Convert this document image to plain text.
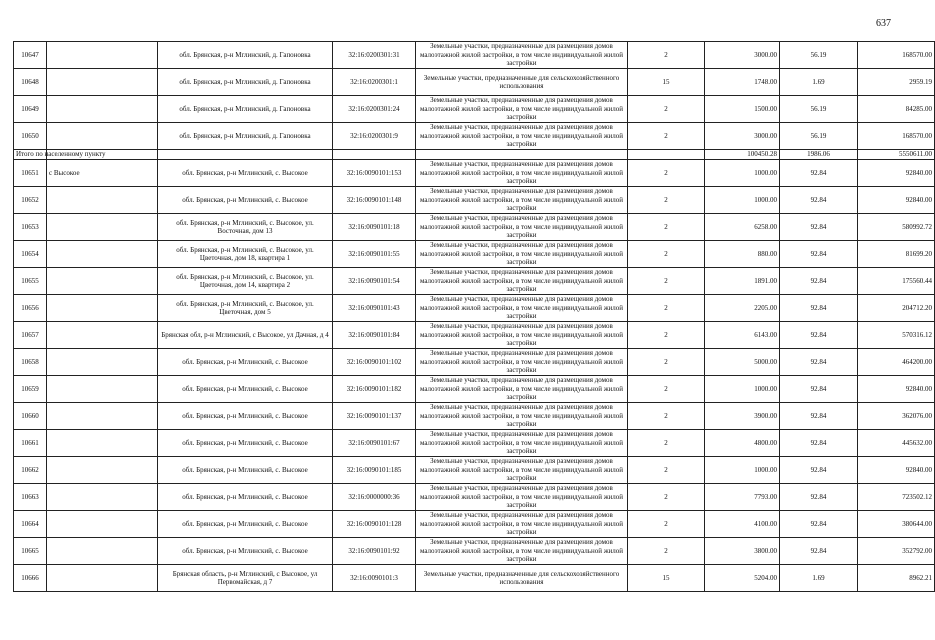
637
10647		обл. Брянская, р-н Мглинский, д. Гапоновка	32:16:0200301:31	Земельные участки, предназначенные для размещения домов малоэтажной жилой застройки, в том числе индивидуальной жилой застройки	2	3000.00	56.19	168570.00
10648		обл. Брянская, р-н Мглинский, д. Гапоновка	32:16:0200301:1	Земельные участки, предназначенные для сельскохозяйственного использования	15	1748.00	1.69	2959.19
10649		обл. Брянская, р-н Мглинский, д. Гапоновка	32:16:0200301:24	Земельные участки, предназначенные для размещения домов малоэтажной жилой застройки, в том числе индивидуальной жилой застройки	2	1500.00	56.19	84285.00
10650		обл. Брянская, р-н Мглинский, д. Гапоновка	32:16:0200301:9	Земельные участки, предназначенные для размещения домов малоэтажной жилой застройки, в том числе индивидуальной жилой застройки	2	3000.00	56.19	168570.00
Итого по населенному пункту						100450.28	1986.06	5550611.00
10651	с Высокое	обл. Брянская, р-н Мглинский, с. Высокое	32:16:0090101:153	Земельные участки, предназначенные для размещения домов малоэтажной жилой застройки, в том числе индивидуальной жилой застройки	2	1000.00	92.84	92840.00
10652		обл. Брянская, р-н Мглинский, с. Высокое	32:16:0090101:148	Земельные участки, предназначенные для размещения домов малоэтажной жилой застройки, в том числе индивидуальной жилой застройки	2	1000.00	92.84	92840.00
10653		обл. Брянская, р-н Мглинский, с. Высокое, ул. Восточная, дом 13	32:16:0090101:18	Земельные участки, предназначенные для размещения домов малоэтажной жилой застройки, в том числе индивидуальной жилой застройки	2	6258.00	92.84	580992.72
10654		обл. Брянская, р-н Мглинский, с. Высокое, ул. Цветочная, дом 18, квартира 1	32:16:0090101:55	Земельные участки, предназначенные для размещения домов малоэтажной жилой застройки, в том числе индивидуальной жилой застройки	2	880.00	92.84	81699.20
10655		обл. Брянская, р-н Мглинский, с. Высокое, ул. Цветочная, дом 14, квартира 2	32:16:0090101:54	Земельные участки, предназначенные для размещения домов малоэтажной жилой застройки, в том числе индивидуальной жилой застройки	2	1891.00	92.84	175560.44
10656		обл. Брянская, р-н Мглинский, с. Высокое, ул. Цветочная, дом 5	32:16:0090101:43	Земельные участки, предназначенные для размещения домов малоэтажной жилой застройки, в том числе индивидуальной жилой застройки	2	2205.00	92.84	204712.20
10657		Брянская обл, р-н Мглинский, с Высокое, ул Дачная, д 4	32:16:0090101:84	Земельные участки, предназначенные для размещения домов малоэтажной жилой застройки, в том числе индивидуальной жилой застройки	2	6143.00	92.84	570316.12
10658		обл. Брянская, р-н Мглинский, с. Высокое	32:16:0090101:102	Земельные участки, предназначенные для размещения домов малоэтажной жилой застройки, в том числе индивидуальной жилой застройки	2	5000.00	92.84	464200.00
10659		обл. Брянская, р-н Мглинский, с. Высокое	32:16:0090101:182	Земельные участки, предназначенные для размещения домов малоэтажной жилой застройки, в том числе индивидуальной жилой застройки	2	1000.00	92.84	92840.00
10660		обл. Брянская, р-н Мглинский, с. Высокое	32:16:0090101:137	Земельные участки, предназначенные для размещения домов малоэтажной жилой застройки, в том числе индивидуальной жилой застройки	2	3900.00	92.84	362076.00
10661		обл. Брянская, р-н Мглинский, с. Высокое	32:16:0090101:67	Земельные участки, предназначенные для размещения домов малоэтажной жилой застройки, в том числе индивидуальной жилой застройки	2	4800.00	92.84	445632.00
10662		обл. Брянская, р-н Мглинский, с. Высокое	32:16:0090101:185	Земельные участки, предназначенные для размещения домов малоэтажной жилой застройки, в том числе индивидуальной жилой застройки	2	1000.00	92.84	92840.00
10663		обл. Брянская, р-н Мглинский, с. Высокое	32:16:0000000:36	Земельные участки, предназначенные для размещения домов малоэтажной жилой застройки, в том числе индивидуальной жилой застройки	2	7793.00	92.84	723502.12
10664		обл. Брянская, р-н Мглинский, с. Высокое	32:16:0090101:128	Земельные участки, предназначенные для размещения домов малоэтажной жилой застройки, в том числе индивидуальной жилой застройки	2	4100.00	92.84	380644.00
10665		обл. Брянская, р-н Мглинский, с. Высокое	32:16:0090101:92	Земельные участки, предназначенные для размещения домов малоэтажной жилой застройки, в том числе индивидуальной жилой застройки	2	3800.00	92.84	352792.00
10666		Брянская область, р-н Мглинский, с Высокое, ул Первомайская, д 7	32:16:0090101:3	Земельные участки, предназначенные для сельскохозяйственного использования	15	5204.00	1.69	8962.21
